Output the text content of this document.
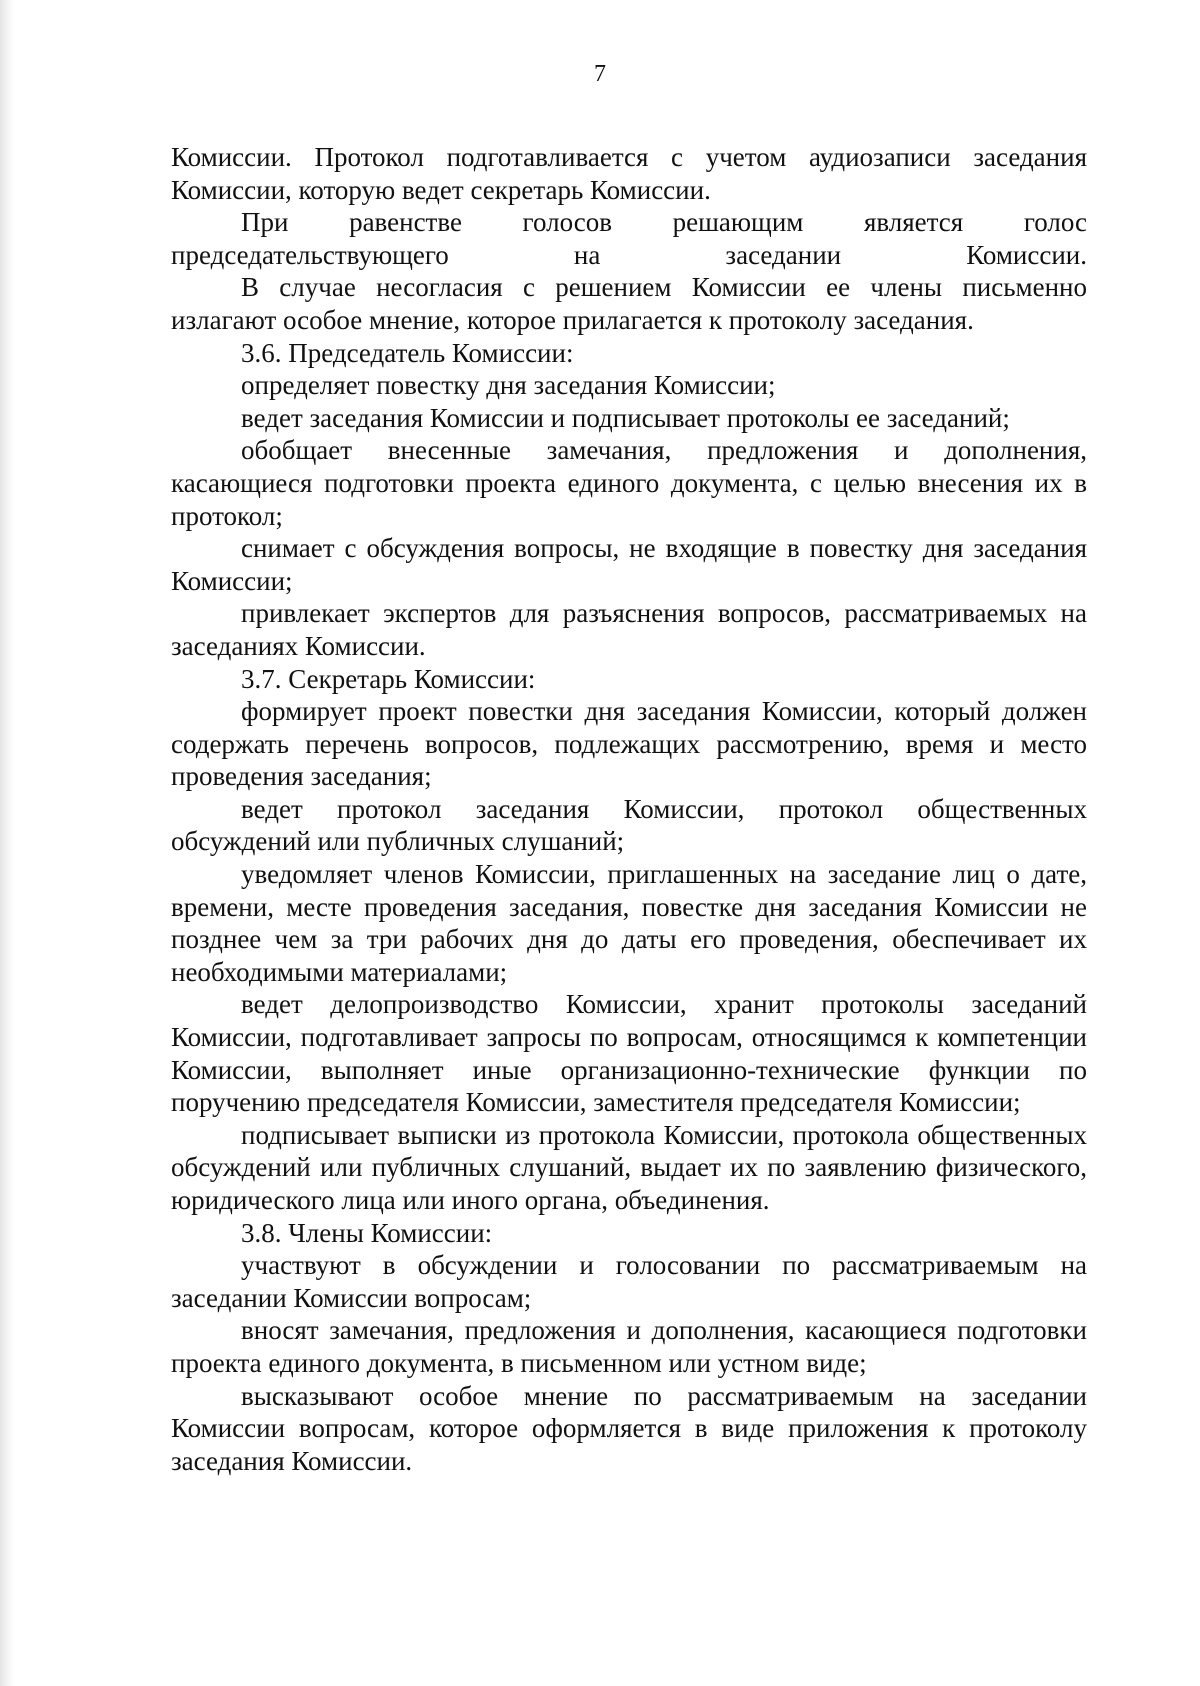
7

Комиссии. Протокол подготавливается с учетом аудиозаписи заседания Комиссии, которую ведет секретарь Комиссии.

При равенстве голосов решающим является голос председательствующего на заседании Комиссии.

В случае несогласия с решением Комиссии ее члены письменно излагают особое мнение, которое прилагается к протоколу заседания.

3.6. Председатель Комиссии:

определяет повестку дня заседания Комиссии;

ведет заседания Комиссии и подписывает протоколы ее заседаний;

обобщает внесенные замечания, предложения и дополнения, касающиеся подготовки проекта единого документа, с целью внесения их в протокол;

снимает с обсуждения вопросы, не входящие в повестку дня заседания Комиссии;

привлекает экспертов для разъяснения вопросов, рассматриваемых на заседаниях Комиссии.

3.7. Секретарь Комиссии:

формирует проект повестки дня заседания Комиссии, который должен содержать перечень вопросов, подлежащих рассмотрению, время и место проведения заседания;

ведет протокол заседания Комиссии, протокол общественных обсуждений или публичных слушаний;

уведомляет членов Комиссии, приглашенных на заседание лиц о дате, времени, месте проведения заседания, повестке дня заседания Комиссии не позднее чем за три рабочих дня до даты его проведения, обеспечивает их необходимыми материалами;

ведет делопроизводство Комиссии, хранит протоколы заседаний Комиссии, подготавливает запросы по вопросам, относящимся к компетенции Комиссии, выполняет иные организационно-технические функции по поручению председателя Комиссии, заместителя председателя Комиссии;

подписывает выписки из протокола Комиссии, протокола общественных обсуждений или публичных слушаний, выдает их по заявлению физического, юридического лица или иного органа, объединения.

3.8. Члены Комиссии:

участвуют в обсуждении и голосовании по рассматриваемым на заседании Комиссии вопросам;

вносят замечания, предложения и дополнения, касающиеся подготовки проекта единого документа, в письменном или устном виде;

высказывают особое мнение по рассматриваемым на заседании Комиссии вопросам, которое оформляется в виде приложения к протоколу заседания Комиссии.
